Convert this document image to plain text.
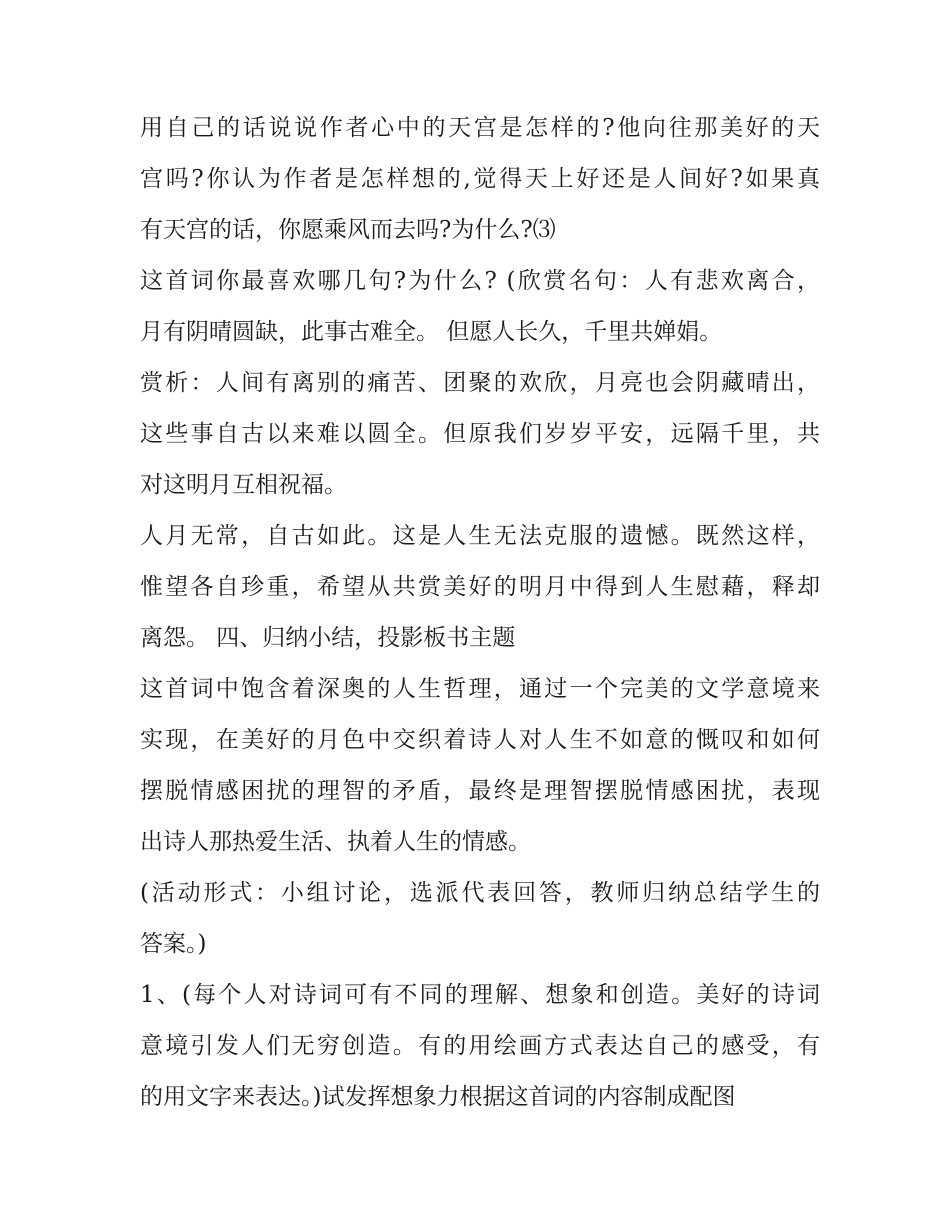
用自己的话说说作者心中的天宫是怎样的?他向往那美好的天
宫吗?你认为作者是怎样想的,觉得天上好还是人间好?如果真
有天宫的话，你愿乘风而去吗?为什么?⑶
这首词你最喜欢哪几句?为什么? (欣赏名句：人有悲欢离合，
月有阴晴圆缺，此事古难全。 但愿人长久，千里共婵娟。
赏析：人间有离别的痛苦、团聚的欢欣，月亮也会阴藏晴出，
这些事自古以来难以圆全。但原我们岁岁平安，远隔千里，共
对这明月互相祝福。
人月无常，自古如此。这是人生无法克服的遗憾。既然这样，
惟望各自珍重，希望从共赏美好的明月中得到人生慰藉，释却
离怨。 四、归纳小结，投影板书主题
这首词中饱含着深奥的人生哲理，通过一个完美的文学意境来
实现，在美好的月色中交织着诗人对人生不如意的慨叹和如何
摆脱情感困扰的理智的矛盾，最终是理智摆脱情感困扰，表现
出诗人那热爱生活、执着人生的情感。
(活动形式：小组讨论，选派代表回答，教师归纳总结学生的
答案。)
1、(每个人对诗词可有不同的理解、想象和创造。美好的诗词
意境引发人们无穷创造。有的用绘画方式表达自己的感受，有
的用文字来表达。)试发挥想象力根据这首词的内容制成配图
